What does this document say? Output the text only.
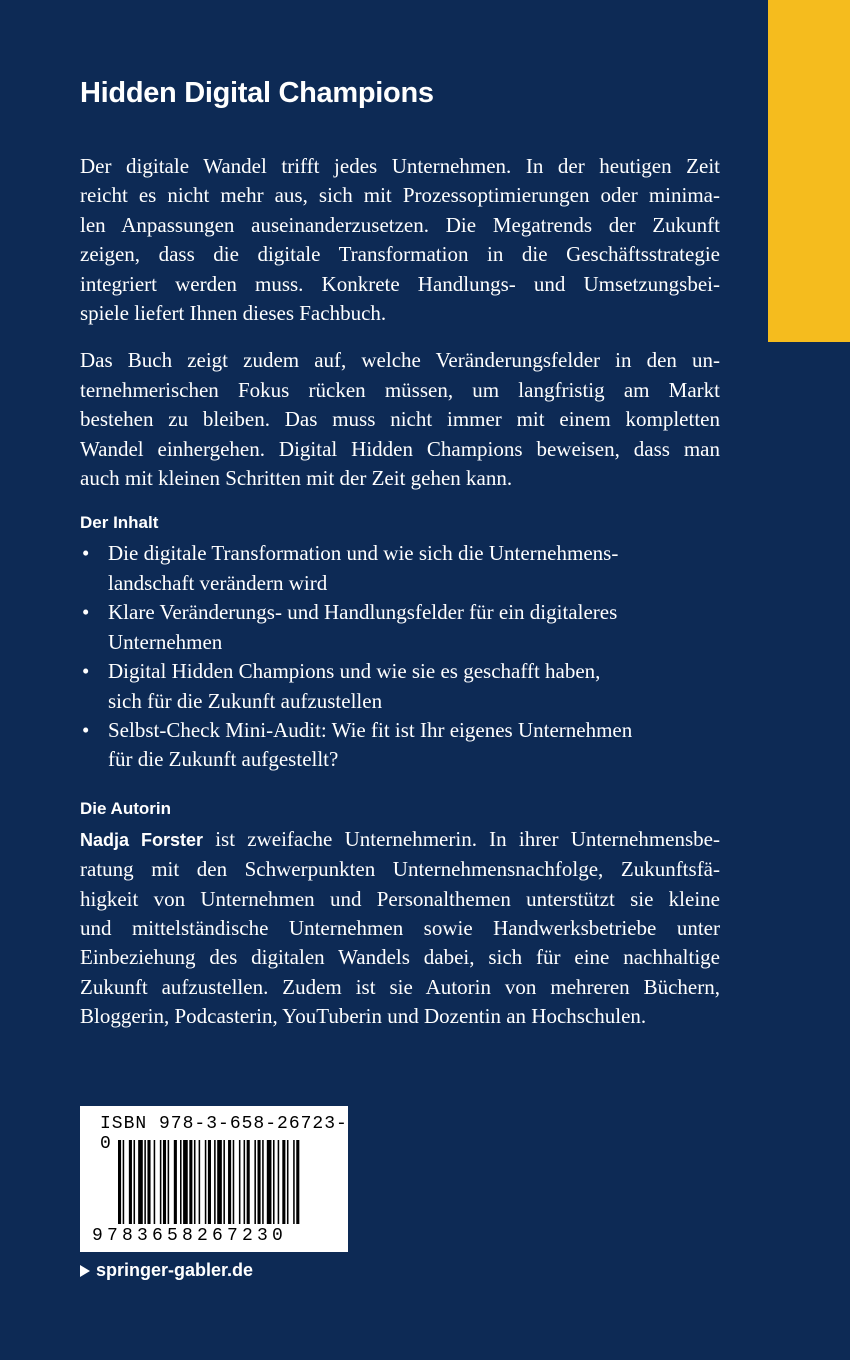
Hidden Digital Champions
Der digitale Wandel trifft jedes Unternehmen. In der heutigen Zeit
reicht es nicht mehr aus, sich mit Prozessoptimierungen oder minima-
len Anpassungen auseinanderzusetzen. Die Megatrends der Zukunft
zeigen, dass die digitale Transformation in die Geschäftsstrategie
integriert werden muss. Konkrete Handlungs- und Umsetzungsbei-
spiele liefert Ihnen dieses Fachbuch.
Das Buch zeigt zudem auf, welche Veränderungsfelder in den un-
ternehmerischen Fokus rücken müssen, um langfristig am Markt
bestehen zu bleiben. Das muss nicht immer mit einem kompletten
Wandel einhergehen. Digital Hidden Champions beweisen, dass man
auch mit kleinen Schritten mit der Zeit gehen kann.
Der Inhalt
• Die digitale Transformation und wie sich die Unternehmens-
landschaft verändern wird
• Klare Veränderungs- und Handlungsfelder für ein digitaleres
Unternehmen
• Digital Hidden Champions und wie sie es geschafft haben,
sich für die Zukunft aufzustellen
• Selbst-Check Mini-Audit: Wie fit ist Ihr eigenes Unternehmen
für die Zukunft aufgestellt?
Die Autorin
Nadja Forster ist zweifache Unternehmerin. In ihrer Unternehmensbe-
ratung mit den Schwerpunkten Unternehmensnachfolge, Zukunftsfä-
higkeit von Unternehmen und Personalthemen unterstützt sie kleine
und mittelständische Unternehmen sowie Handwerksbetriebe unter
Einbeziehung des digitalen Wandels dabei, sich für eine nachhaltige
Zukunft aufzustellen. Zudem ist sie Autorin von mehreren Büchern,
Bloggerin, Podcasterin, YouTuberin und Dozentin an Hochschulen.
ISBN 978-3-658-26723-0
9783658267230
springer-gabler.de
